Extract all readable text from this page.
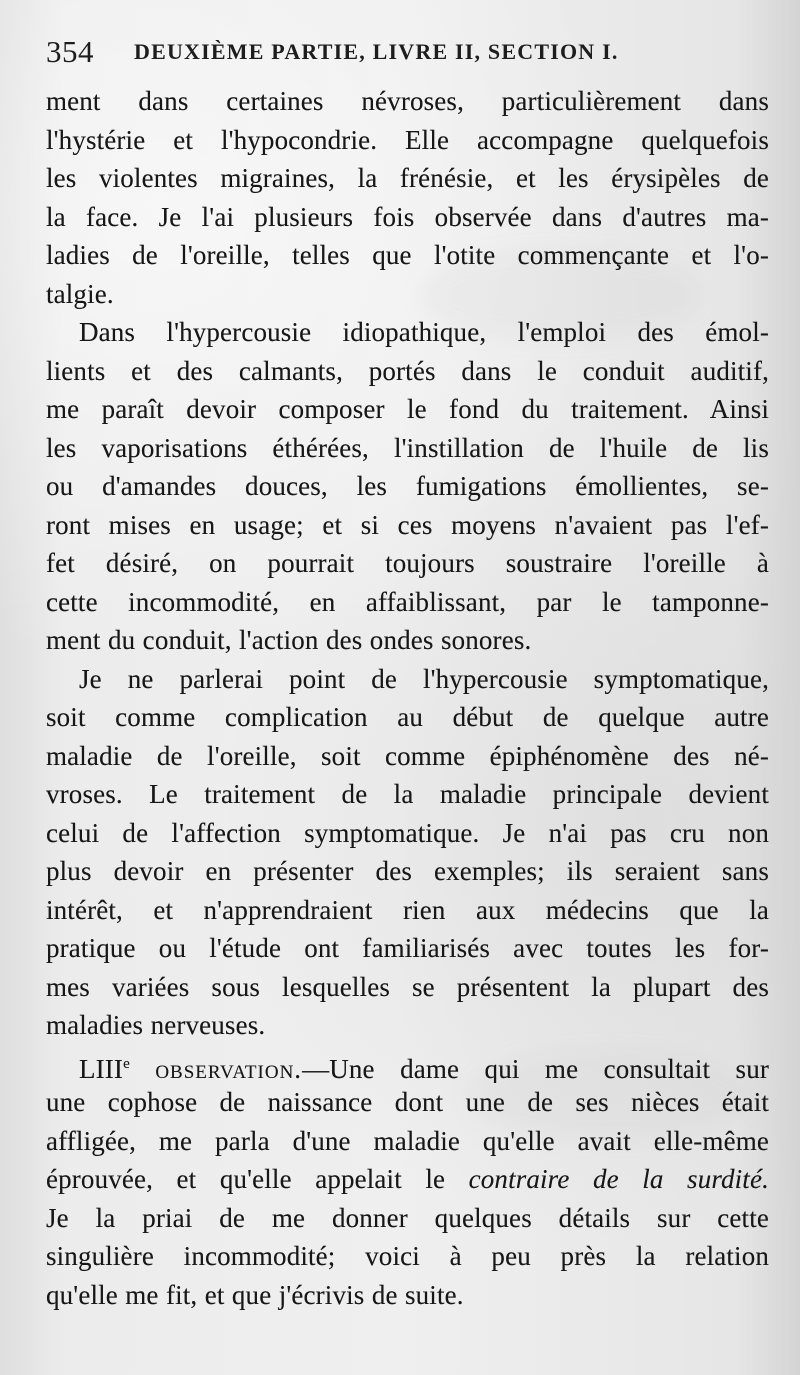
354 DEUXIÈME PARTIE, LIVRE II, SECTION I.
ment dans certaines névroses, particulièrement dans
l'hystérie et l'hypocondrie. Elle accompagne quelquefois
les violentes migraines, la frénésie, et les érysipèles de
la face. Je l'ai plusieurs fois observée dans d'autres ma-
ladies de l'oreille, telles que l'otite commençante et l'o-
talgie.
Dans l'hypercousie idiopathique, l'emploi des émol-
lients et des calmants, portés dans le conduit auditif,
me paraît devoir composer le fond du traitement. Ainsi
les vaporisations éthérées, l'instillation de l'huile de lis
ou d'amandes douces, les fumigations émollientes, se-
ront mises en usage; et si ces moyens n'avaient pas l'ef-
fet désiré, on pourrait toujours soustraire l'oreille à
cette incommodité, en affaiblissant, par le tamponne-
ment du conduit, l'action des ondes sonores.
Je ne parlerai point de l'hypercousie symptomatique,
soit comme complication au début de quelque autre
maladie de l'oreille, soit comme épiphénomène des né-
vroses. Le traitement de la maladie principale devient
celui de l'affection symptomatique. Je n'ai pas cru non
plus devoir en présenter des exemples; ils seraient sans
intérêt, et n'apprendraient rien aux médecins que la
pratique ou l'étude ont familiarisés avec toutes les for-
mes variées sous lesquelles se présentent la plupart des
maladies nerveuses.
LIIIe observation.—Une dame qui me consultait sur
une cophose de naissance dont une de ses nièces était
affligée, me parla d'une maladie qu'elle avait elle-même
éprouvée, et qu'elle appelait le contraire de la surdité.
Je la priai de me donner quelques détails sur cette
singulière incommodité; voici à peu près la relation
qu'elle me fit, et que j'écrivis de suite.
